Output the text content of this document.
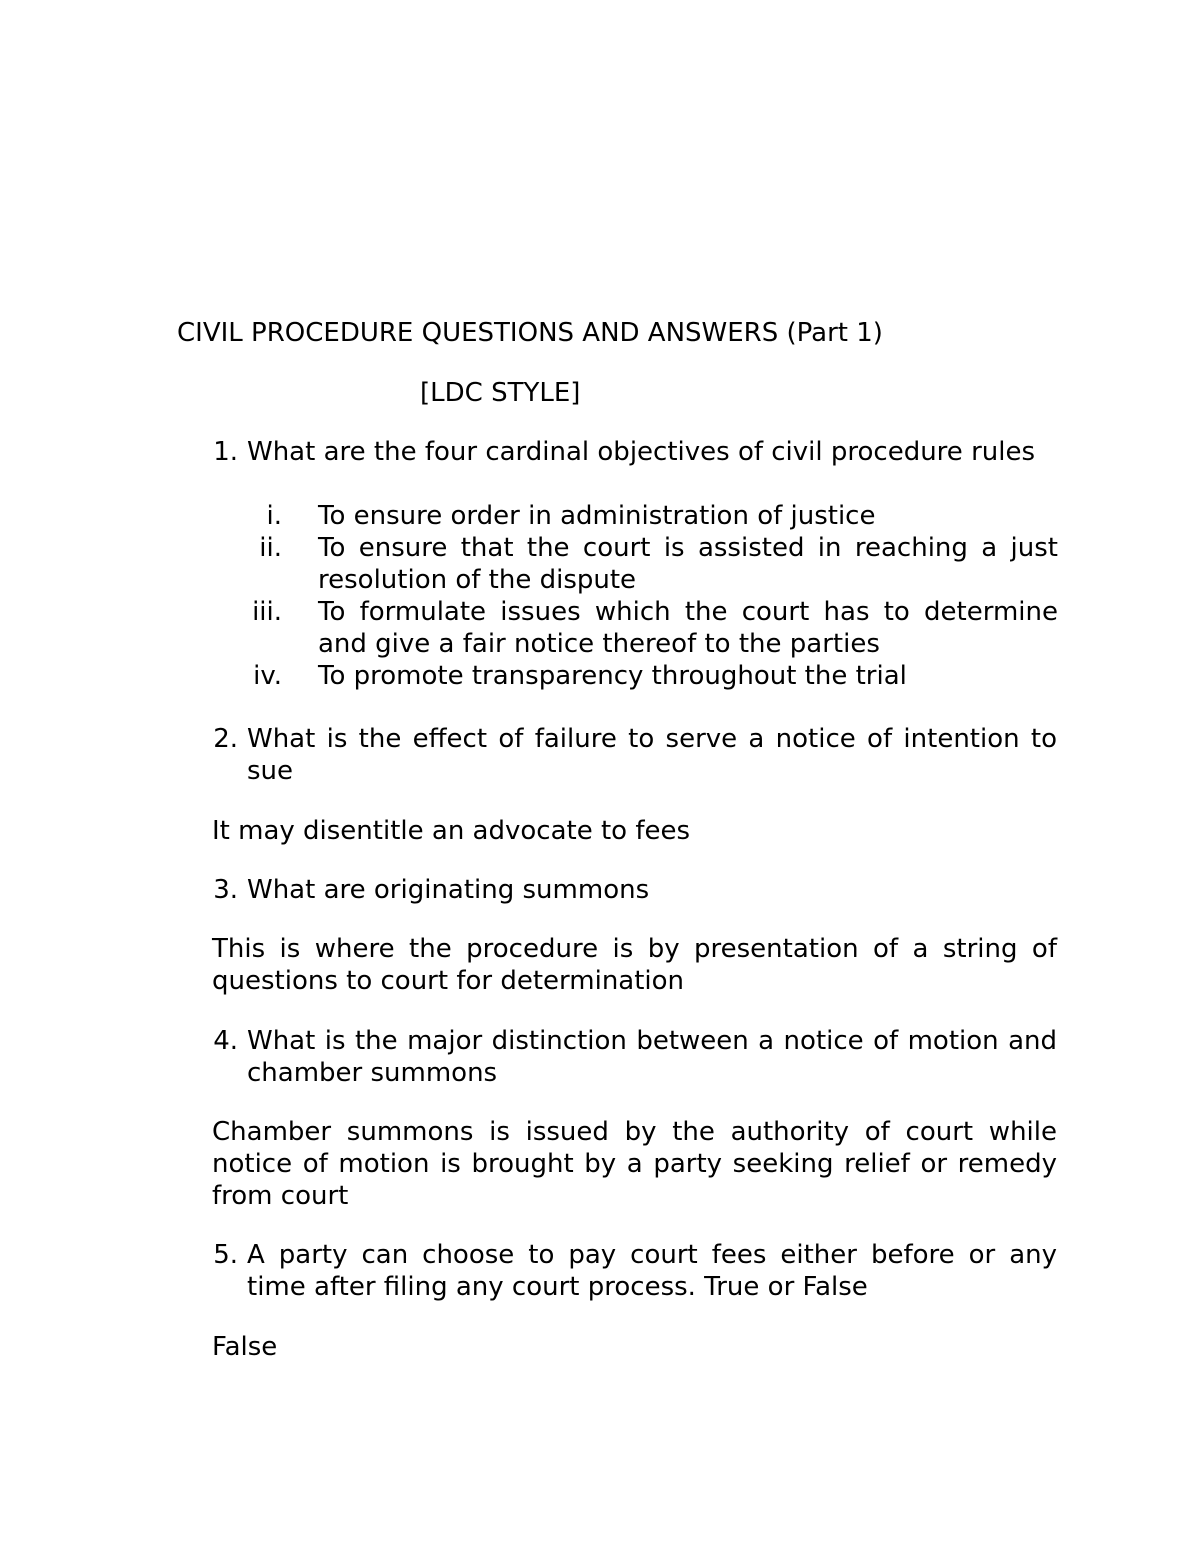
CIVIL PROCEDURE QUESTIONS AND ANSWERS (Part 1)
[LDC STYLE]
1. What are the four cardinal objectives of civil procedure rules
i. To ensure order in administration of justice
ii. To ensure that the court is assisted in reaching a just resolution of the dispute
iii. To formulate issues which the court has to determine and give a fair notice thereof to the parties
iv. To promote transparency throughout the trial
2. What is the effect of failure to serve a notice of intention to sue
It may disentitle an advocate to fees
3. What are originating summons
This is where the procedure is by presentation of a string of questions to court for determination
4. What is the major distinction between a notice of motion and chamber summons
Chamber summons is issued by the authority of court while notice of motion is brought by a party seeking relief or remedy from court
5. A party can choose to pay court fees either before or any time after filing any court process. True or False
False
